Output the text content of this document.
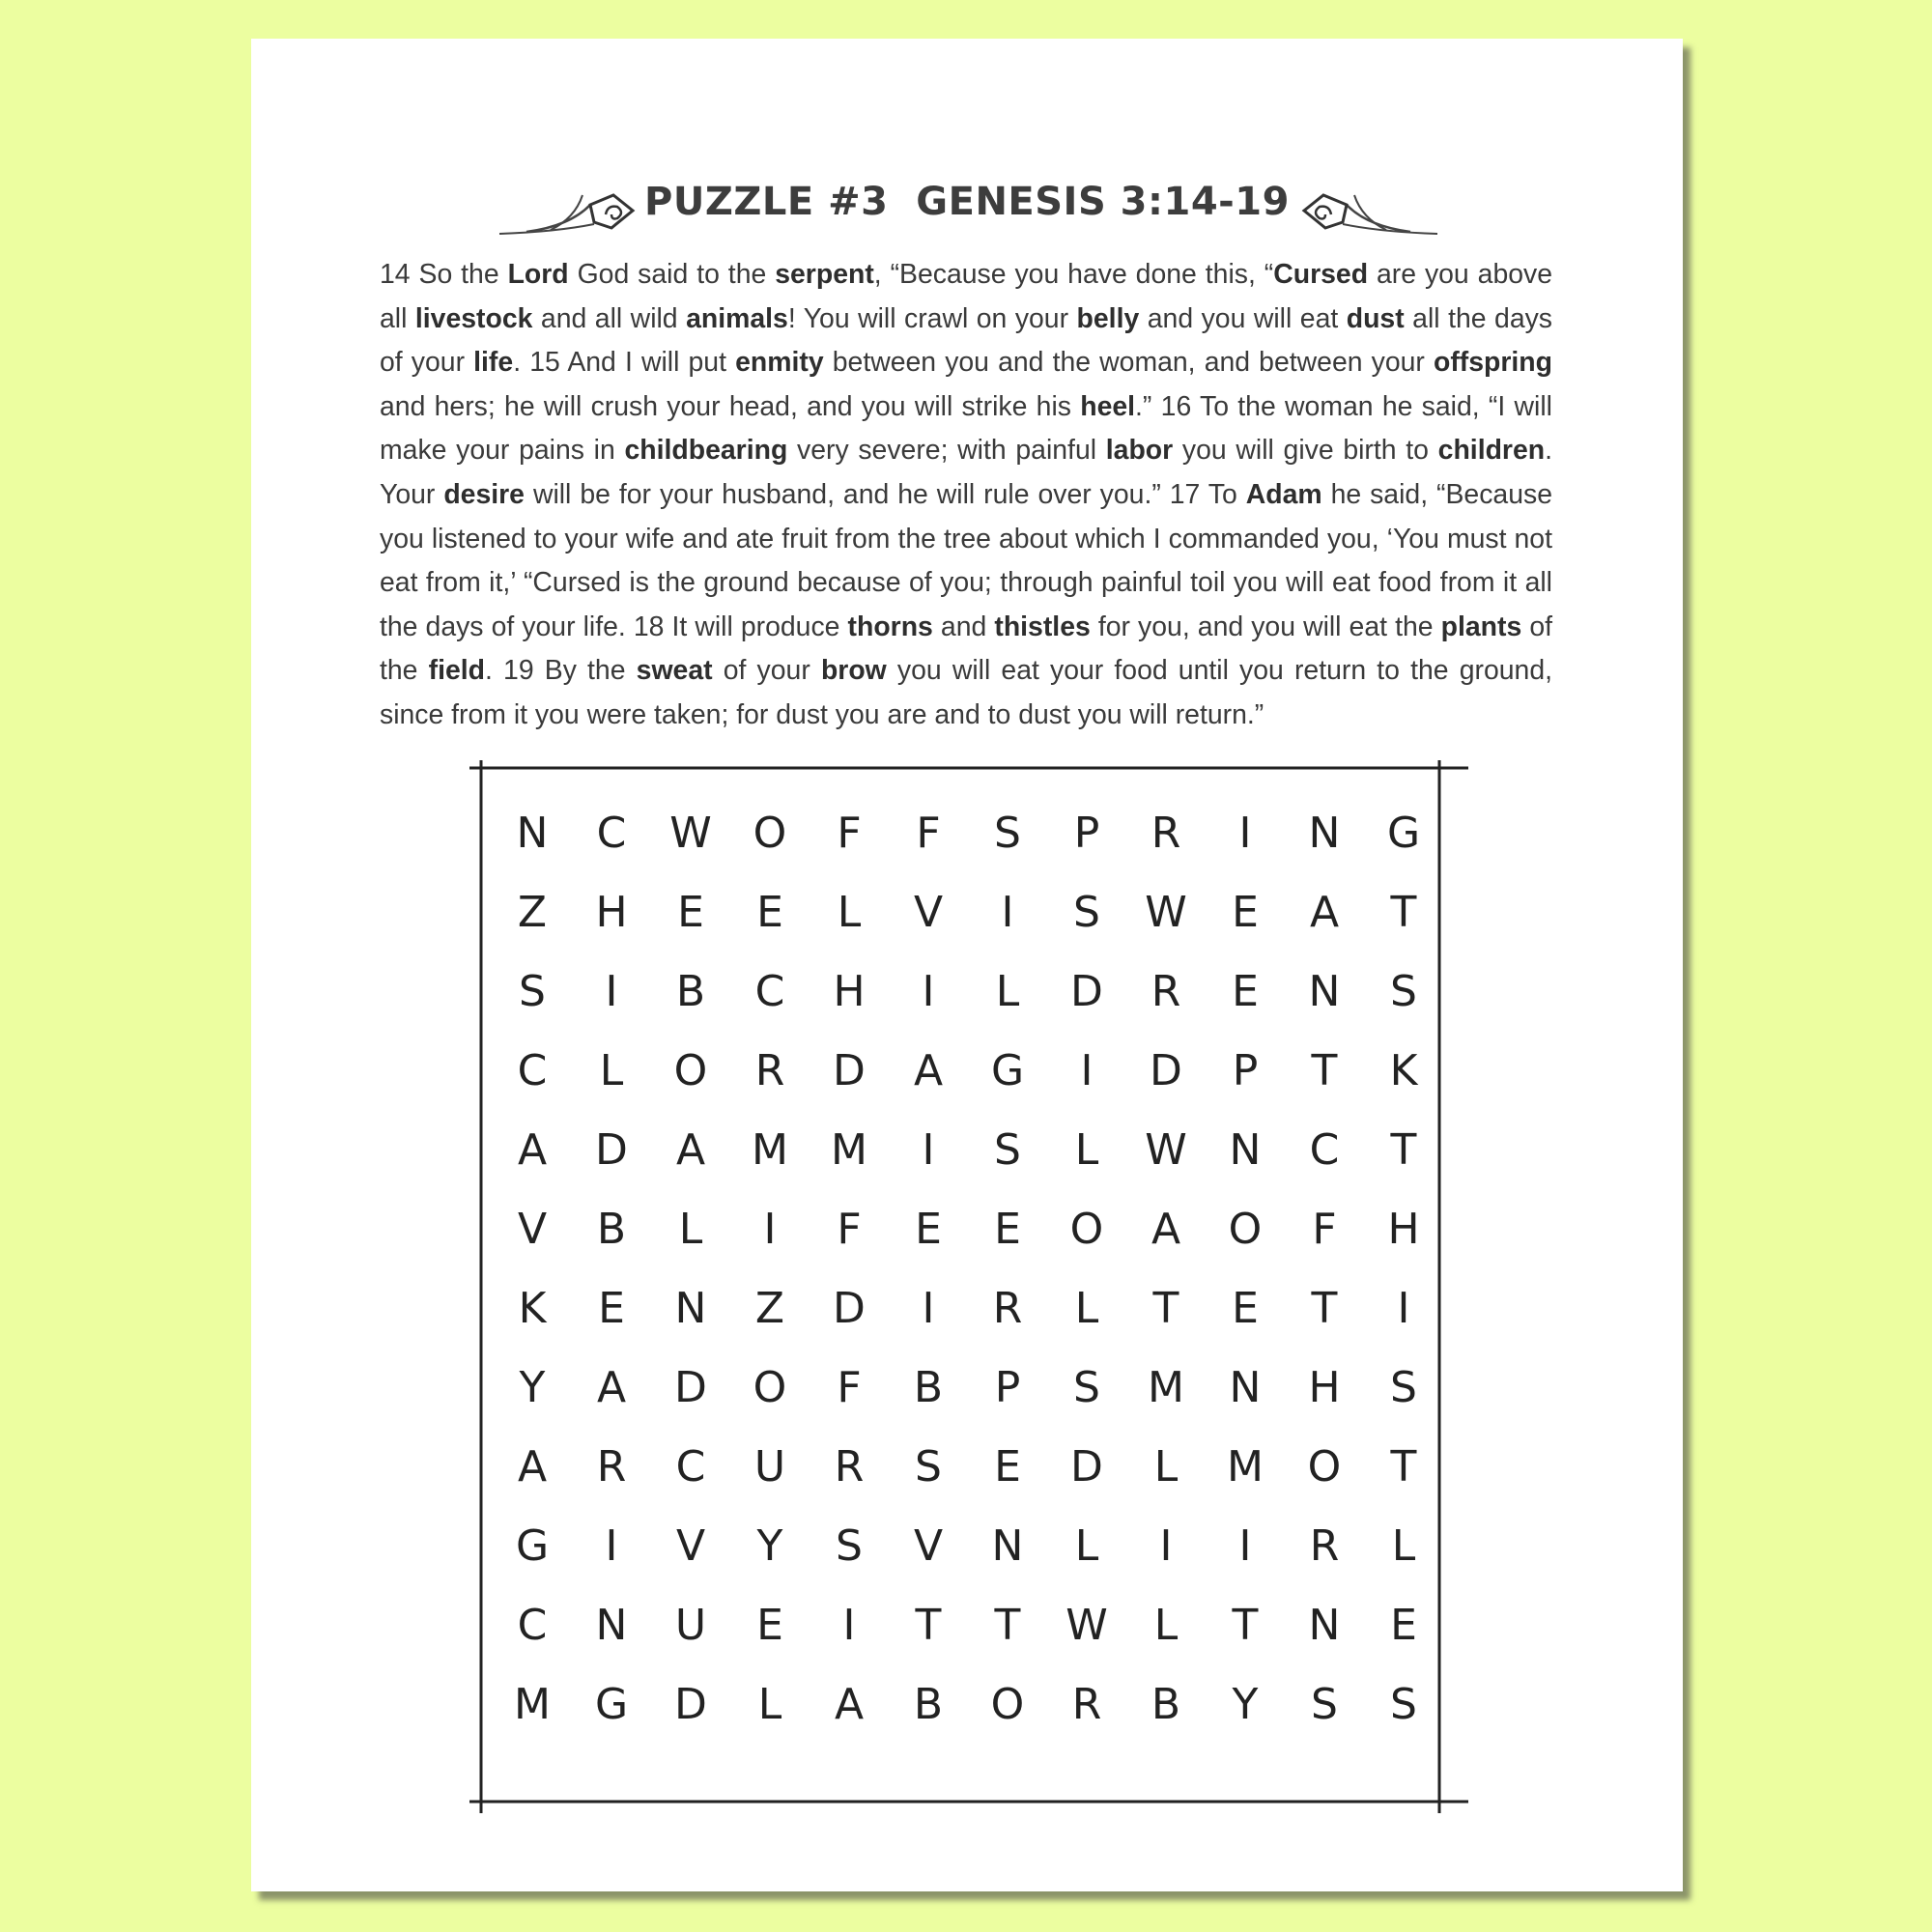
PUZZLE #3  GENESIS 3:14-19
14 So the Lord God said to the serpent, “Because you have done this, “Cursed are you above all livestock and all wild animals! You will crawl on your belly and you will eat dust all the days of your life. 15 And I will put enmity between you and the woman, and between your offspring and hers; he will crush your head, and you will strike his heel.” 16 To the woman he said, “I will make your pains in childbearing very severe; with painful labor you will give birth to children. Your desire will be for your husband, and he will rule over you.” 17 To Adam he said, “Because you listened to your wife and ate fruit from the tree about which I commanded you, ‘You must not eat from it,’ “Cursed is the ground because of you; through painful toil you will eat food from it all the days of your life. 18 It will produce thorns and thistles for you, and you will eat the plants of the field. 19 By the sweat of your brow you will eat your food until you return to the ground, since from it you were taken; for dust you are and to dust you will return.”
N	C	W O	F	F	S	P	R	I	N	G
Z	H	E	E	L	V	I	S	W	E	A	T
S	I	B	C	H	I	L	D	R	E	N	S
C	L	O	R	D	A	G	I	D	P	T	K
A	D	A	M	M	I	S	L	W N	C	T
V	B	L	I	F	E	E	O	A	O	F	H
K	E	N	Z	D	I	R	L	T	E	T	I
Y	A	D	O	F	B	P	S	M	N	H	S
A	R	C	U	R	S	E	D	L	M	O	T
G	I	V	Y	S	V	N	L	I	I	R	L
C	N	U	E	I	T	T	W	L	T	N	E
M	G	D	L	A	B	O	R	B	Y	S	S
